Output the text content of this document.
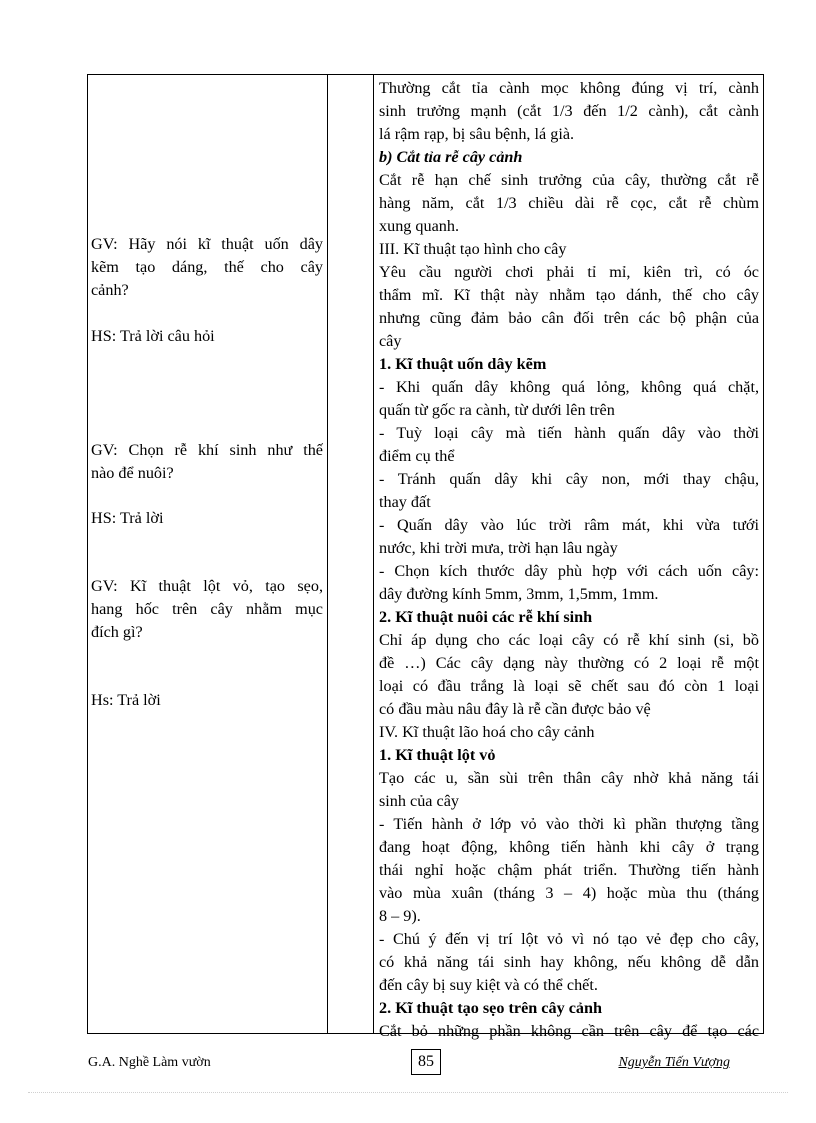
GV: Hãy nói kĩ thuật uốn dây
kẽm tạo dáng, thế cho cây
cảnh?
HS: Trả lời câu hỏi
GV: Chọn rễ khí sinh như thế
nào để nuôi?
HS: Trả lời
GV: Kĩ thuật lột vỏ, tạo sẹo,
hang hốc trên cây nhằm mục
đích gì?
Hs: Trả lời
Thường cắt tỉa cành mọc không đúng vị trí, cành
sinh trưởng mạnh (cắt 1/3 đến 1/2 cành), cắt cành
lá rậm rạp, bị sâu bệnh, lá già.
b) Cắt tỉa rễ cây cảnh
Cắt rễ hạn chế sinh trưởng của cây, thường cắt rễ
hàng năm, cắt 1/3 chiều dài rễ cọc, cắt rễ chùm
xung quanh.
III. Kĩ thuật tạo hình cho cây
Yêu cầu người chơi phải tỉ mỉ, kiên trì, có óc
thẩm mĩ. Kĩ thật này nhằm tạo dánh, thế cho cây
nhưng cũng đảm bảo cân đối trên các bộ phận của
cây
1. Kĩ thuật uốn dây kẽm
- Khi quấn dây không quá lỏng, không quá chặt,
quấn từ gốc ra cành, từ dưới lên trên
- Tuỳ loại cây mà tiến hành quấn dây vào thời
điểm cụ thể
- Tránh quấn dây khi cây non, mới thay chậu,
thay đất
- Quấn dây vào lúc trời râm mát, khi vừa tưới
nước, khi trời mưa, trời hạn lâu ngày
- Chọn kích thước dây phù hợp với cách uốn cây:
dây đường kính 5mm, 3mm, 1,5mm, 1mm.
2. Kĩ thuật nuôi các rễ khí sinh
Chỉ áp dụng cho các loại cây có rễ khí sinh (si, bồ
đề …) Các cây dạng này thường có 2 loại rễ một
loại có đầu trắng là loại sẽ chết sau đó còn 1 loại
có đầu màu nâu đây là rễ cần được bảo vệ
IV. Kĩ thuật lão hoá cho cây cảnh
1. Kĩ thuật lột vỏ
Tạo các u, sần sùi trên thân cây nhờ khả năng tái
sinh của cây
- Tiến hành ở lớp vỏ vào thời kì phần thượng tầng
đang hoạt động, không tiến hành khi cây ở trạng
thái nghỉ hoặc chậm phát triển. Thường tiến hành
vào mùa xuân (tháng 3 – 4) hoặc mùa thu (tháng
8 – 9).
- Chú ý đến vị trí lột vỏ vì nó tạo vẻ đẹp cho cây,
có khả năng tái sinh hay không, nếu không dễ dẫn
đến cây bị suy kiệt và có thể chết.
2. Kĩ thuật tạo sẹo trên cây cảnh
Cắt bỏ những phần không cần trên cây để tạo các
G.A. Nghề Làm vườn	85	Nguyễn Tiến Vượng
